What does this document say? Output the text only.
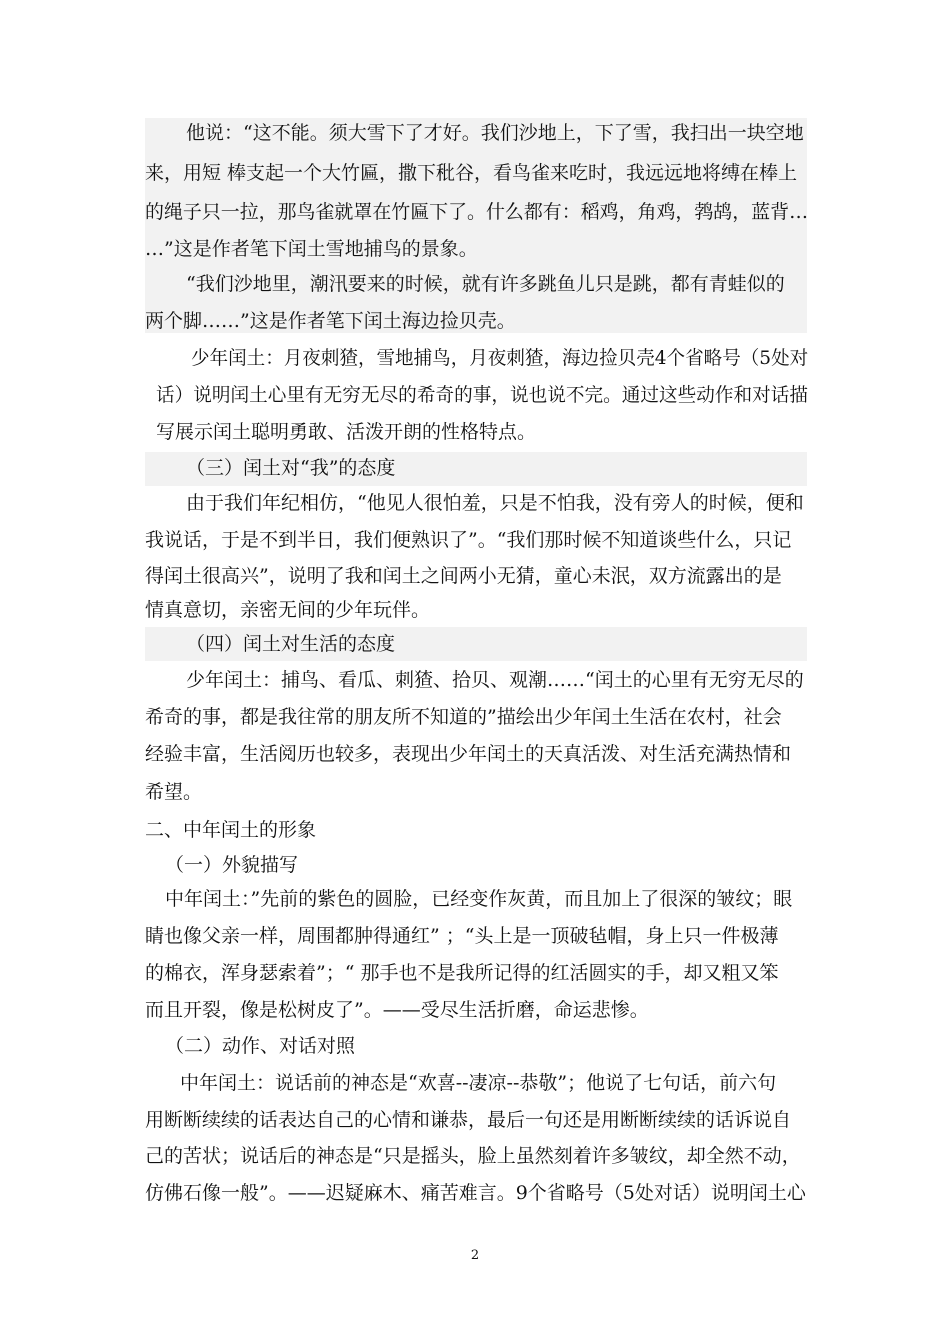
他说：“这不能。须大雪下了才好。我们沙地上，下了雪，我扫出一块空地
来，用短 棒支起一个大竹匾，撒下秕谷，看鸟雀来吃时，我远远地将缚在棒上
的绳子只一拉，那鸟雀就罩在竹匾下了。什么都有：稻鸡，角鸡，鹁鸪，蓝背…
…”这是作者笔下闰土雪地捕鸟的景象。
“我们沙地里，潮汛要来的时候，就有许多跳鱼儿只是跳，都有青蛙似的
两个脚……”这是作者笔下闰土海边捡贝壳。
少年闰土：月夜刺猹，雪地捕鸟，月夜刺猹，海边捡贝壳4个省略号（5处对
话）说明闰土心里有无穷无尽的希奇的事，说也说不完。通过这些动作和对话描
写展示闰土聪明勇敢、活泼开朗的性格特点。
（三）闰土对“我”的态度
由于我们年纪相仿，“他见人很怕羞，只是不怕我，没有旁人的时候，便和
我说话，于是不到半日，我们便熟识了”。“我们那时候不知道谈些什么，只记
得闰土很高兴”，说明了我和闰土之间两小无猜，童心未泯，双方流露出的是
情真意切，亲密无间的少年玩伴。
（四）闰土对生活的态度
少年闰土：捕鸟、看瓜、刺猹、拾贝、观潮……“闰土的心里有无穷无尽的
希奇的事，都是我往常的朋友所不知道的”描绘出少年闰土生活在农村，社会
经验丰富，生活阅历也较多，表现出少年闰土的天真活泼、对生活充满热情和
希望。
二、中年闰土的形象
（一）外貌描写
中年闰土：”先前的紫色的圆脸，已经变作灰黄，而且加上了很深的皱纹；眼
睛也像父亲一样，周围都肿得通红” ；“头上是一顶破毡帽，身上只一件极薄
的棉衣，浑身瑟索着”；“ 那手也不是我所记得的红活圆实的手，却又粗又笨
而且开裂，像是松树皮了”。——受尽生活折磨，命运悲惨。
（二）动作、对话对照
中年闰土：说话前的神态是“欢喜--凄凉--恭敬”；他说了七句话，前六句
用断断续续的话表达自己的心情和谦恭，最后一句还是用断断续续的话诉说自
己的苦状；说话后的神态是“只是摇头，脸上虽然刻着许多皱纹，却全然不动，
仿佛石像一般”。——迟疑麻木、痛苦难言。9个省略号（5处对话）说明闰土心
2
